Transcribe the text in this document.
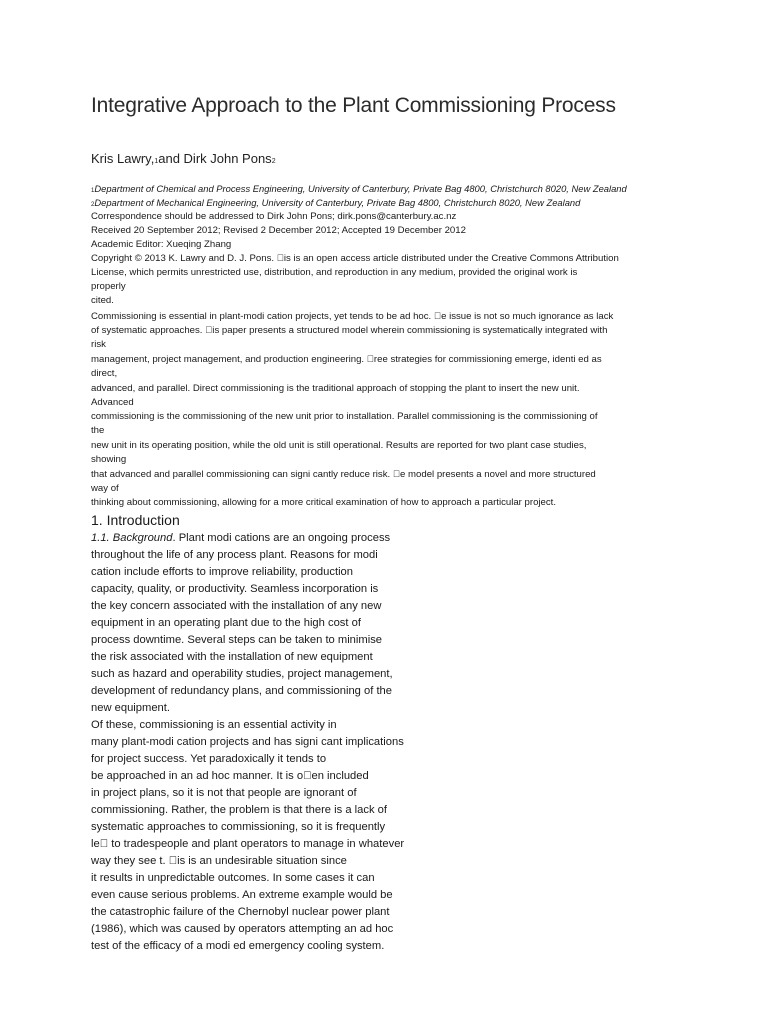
Integrative Approach to the Plant Commissioning Process
Kris Lawry,1and Dirk John Pons2
1Department of Chemical and Process Engineering, University of Canterbury, Private Bag 4800, Christchurch 8020, New Zealand
2Department of Mechanical Engineering, University of Canterbury, Private Bag 4800, Christchurch 8020, New Zealand
Correspondence should be addressed to Dirk John Pons; dirk.pons@canterbury.ac.nz
Received 20 September 2012; Revised 2 December 2012; Accepted 19 December 2012
Academic Editor: Xueqing Zhang
Copyright © 2013 K. Lawry and D. J. Pons.  is is an open access article distributed under the Creative Commons Attribution
License, which permits unrestricted use, distribution, and reproduction in any medium, provided the original work is
properly
cited.
Commissioning is essential in plant-modi cation projects, yet tends to be ad hoc.  e issue is not so much ignorance as lack
of systematic approaches.  is paper presents a structured model wherein commissioning is systematically integrated with
risk
management, project management, and production engineering.  ree strategies for commissioning emerge, identi ed as
direct,
advanced, and parallel. Direct commissioning is the traditional approach of stopping the plant to insert the new unit.
Advanced
commissioning is the commissioning of the new unit prior to installation. Parallel commissioning is the commissioning of
the
new unit in its operating position, while the old unit is still operational. Results are reported for two plant case studies,
showing
that advanced and parallel commissioning can signi cantly reduce risk.  e model presents a novel and more structured
way of
thinking about commissioning, allowing for a more critical examination of how to approach a particular project.
1. Introduction
1.1. Background. Plant modi cations are an ongoing process
throughout the life of any process plant. Reasons for modi
cation include efforts to improve reliability, production
capacity, quality, or productivity. Seamless incorporation is
the key concern associated with the installation of any new
equipment in an operating plant due to the high cost of
process downtime. Several steps can be taken to minimise
the risk associated with the installation of new equipment
such as hazard and operability studies, project management,
development of redundancy plans, and commissioning of the
new equipment.
Of these, commissioning is an essential activity in
many plant-modi cation projects and has signi cant implications
for project success. Yet paradoxically it tends to
be approached in an ad hoc manner. It is o en included
in project plans, so it is not that people are ignorant of
commissioning. Rather, the problem is that there is a lack of
systematic approaches to commissioning, so it is frequently
le  to tradespeople and plant operators to manage in whatever
way they see t.  is is an undesirable situation since
it results in unpredictable outcomes. In some cases it can
even cause serious problems. An extreme example would be
the catastrophic failure of the Chernobyl nuclear power plant
(1986), which was caused by operators attempting an ad hoc
test of the efficacy of a modi ed emergency cooling system.
